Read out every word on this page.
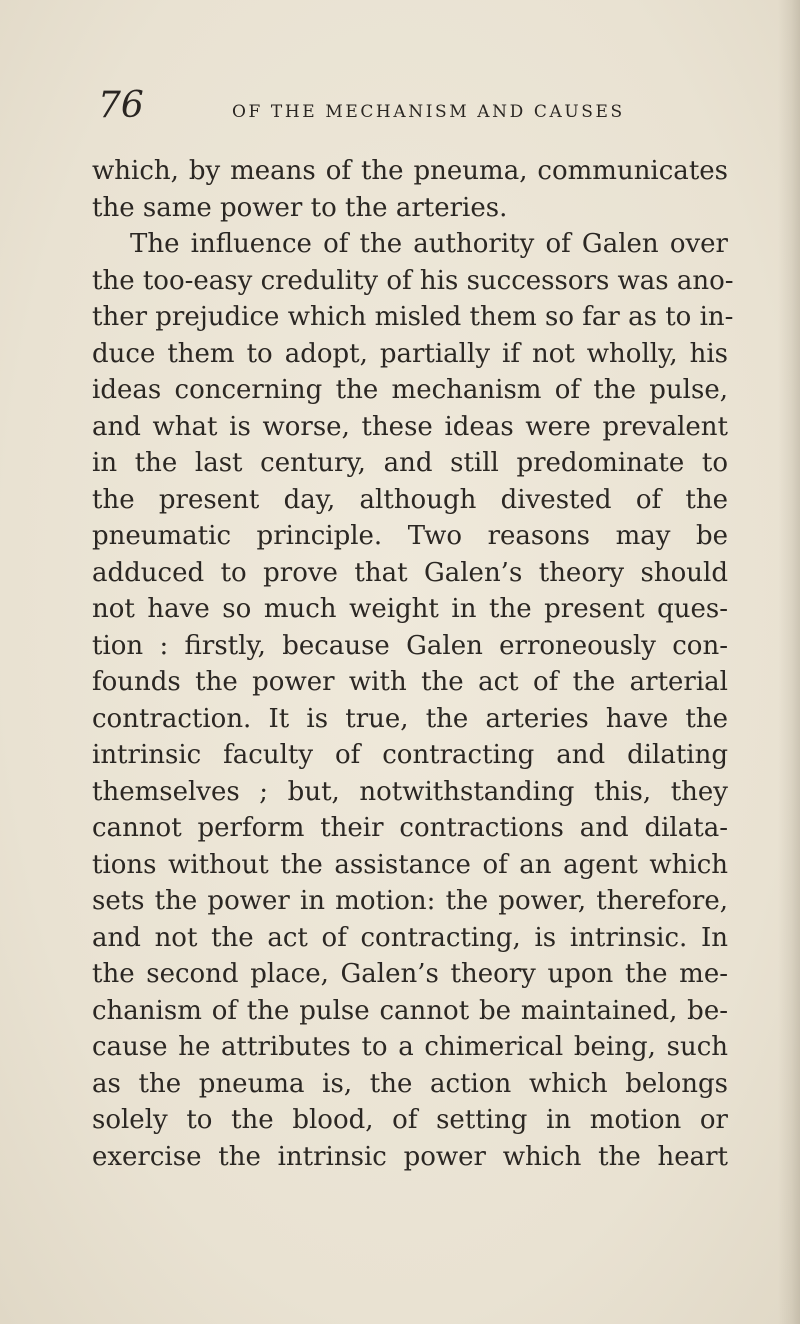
76	OF THE MECHANISM AND CAUSES
which, by means of the pneuma, communicates
the same power to the arteries.
The influence of the authority of Galen over
the too-easy credulity of his successors was ano-
ther prejudice which misled them so far as to in-
duce them to adopt, partially if not wholly, his
ideas concerning the mechanism of the pulse,
and what is worse, these ideas were prevalent
in the last century, and still predominate to
the present day, although divested of the
pneumatic principle. Two reasons may be
adduced to prove that Galen’s theory should
not have so much weight in the present ques-
tion : firstly, because Galen erroneously con-
founds the power with the act of the arterial
contraction. It is true, the arteries have the
intrinsic faculty of contracting and dilating
themselves ; but, notwithstanding this, they
cannot perform their contractions and dilata-
tions without the assistance of an agent which
sets the power in motion: the power, therefore,
and not the act of contracting, is intrinsic. In
the second place, Galen’s theory upon the me-
chanism of the pulse cannot be maintained, be-
cause he attributes to a chimerical being, such
as the pneuma is, the action which belongs
solely to the blood, of setting in motion or
exercise the intrinsic power which the heart
